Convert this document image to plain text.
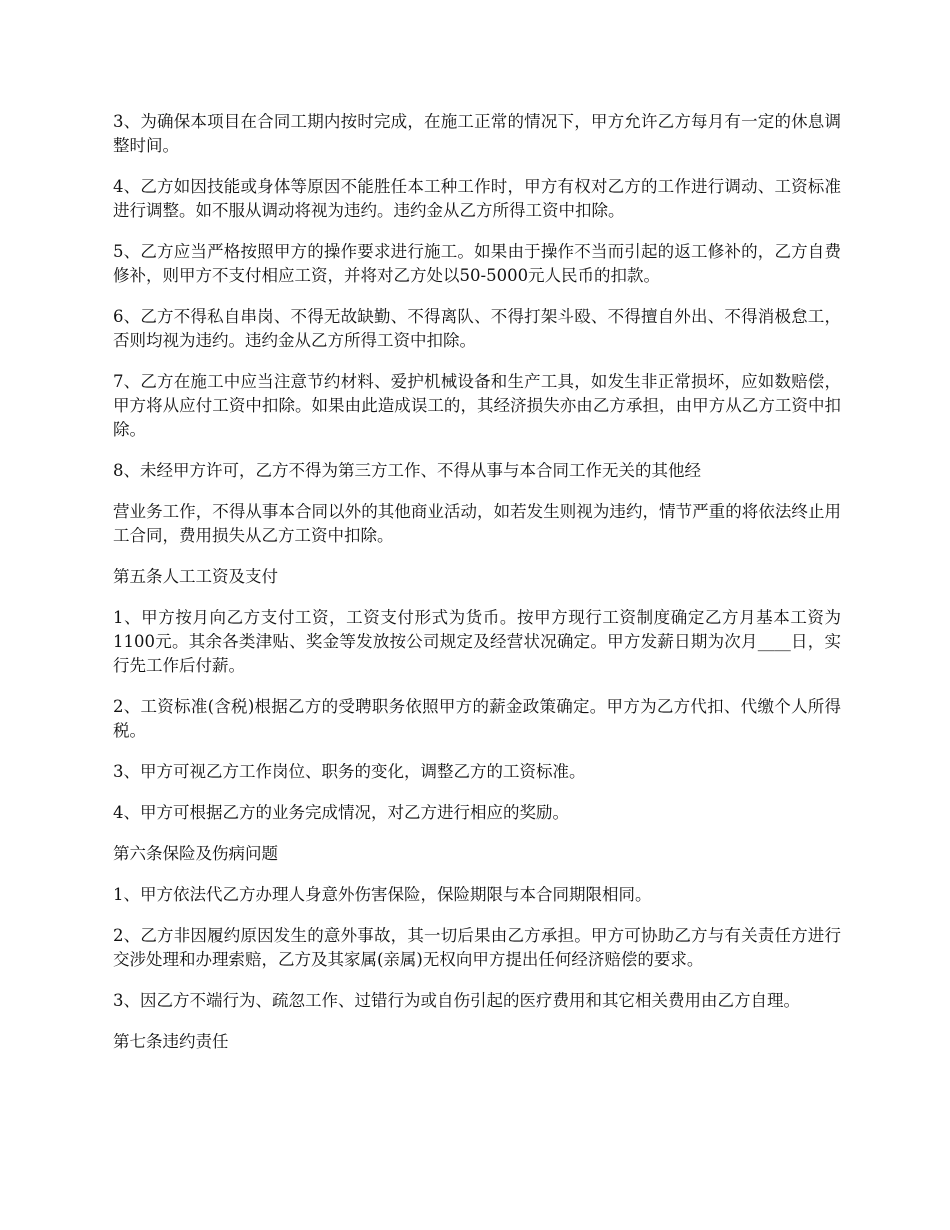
3、为确保本项目在合同工期内按时完成，在施工正常的情况下，甲方允许乙方每月有一定的休息调整时间。

4、乙方如因技能或身体等原因不能胜任本工种工作时，甲方有权对乙方的工作进行调动、工资标准进行调整。如不服从调动将视为违约。违约金从乙方所得工资中扣除。

5、乙方应当严格按照甲方的操作要求进行施工。如果由于操作不当而引起的返工修补的，乙方自费修补，则甲方不支付相应工资，并将对乙方处以50-5000元人民币的扣款。

6、乙方不得私自串岗、不得无故缺勤、不得离队、不得打架斗殴、不得擅自外出、不得消极怠工，否则均视为违约。违约金从乙方所得工资中扣除。

7、乙方在施工中应当注意节约材料、爱护机械设备和生产工具，如发生非正常损坏，应如数赔偿，甲方将从应付工资中扣除。如果由此造成误工的，其经济损失亦由乙方承担，由甲方从乙方工资中扣除。

8、未经甲方许可，乙方不得为第三方工作、不得从事与本合同工作无关的其他经

营业务工作，不得从事本合同以外的其他商业活动，如若发生则视为违约，情节严重的将依法终止用工合同，费用损失从乙方工资中扣除。

第五条人工工资及支付

1、甲方按月向乙方支付工资，工资支付形式为货币。按甲方现行工资制度确定乙方月基本工资为1100元。其余各类津贴、奖金等发放按公司规定及经营状况确定。甲方发薪日期为次月____日，实行先工作后付薪。

2、工资标准(含税)根据乙方的受聘职务依照甲方的薪金政策确定。甲方为乙方代扣、代缴个人所得税。

3、甲方可视乙方工作岗位、职务的变化，调整乙方的工资标准。

4、甲方可根据乙方的业务完成情况，对乙方进行相应的奖励。

第六条保险及伤病问题

1、甲方依法代乙方办理人身意外伤害保险，保险期限与本合同期限相同。

2、乙方非因履约原因发生的意外事故，其一切后果由乙方承担。甲方可协助乙方与有关责任方进行交涉处理和办理索赔，乙方及其家属(亲属)无权向甲方提出任何经济赔偿的要求。

3、因乙方不端行为、疏忽工作、过错行为或自伤引起的医疗费用和其它相关费用由乙方自理。

第七条违约责任
